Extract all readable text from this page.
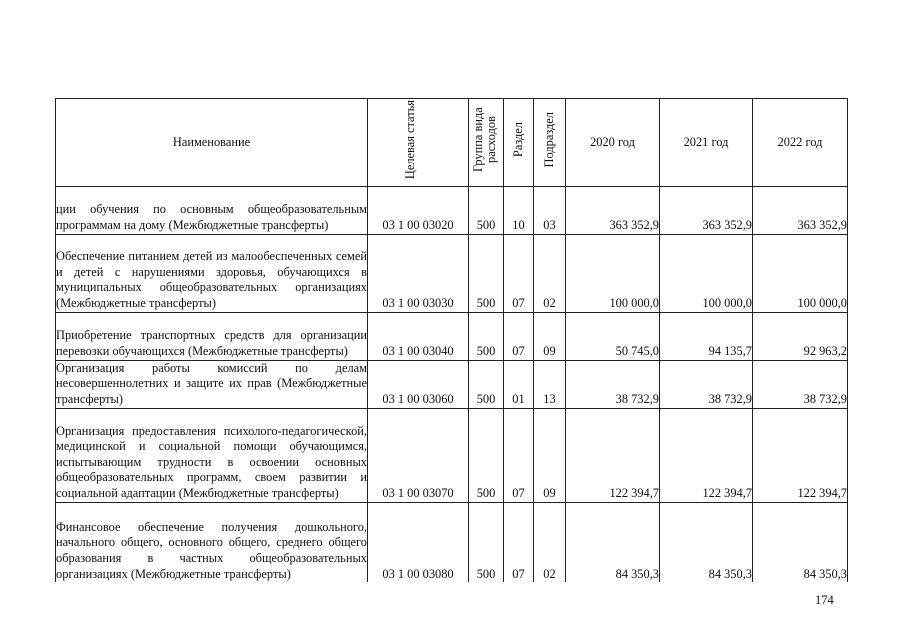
Наименование	Целевая статья	Группа вида расходов	Раздел	Подраздел	2020 год	2021 год	2022 год

ции обучения по основным общеобразовательным программам на дому (Межбюджетные трансферты)	03 1 00 03020	500	10	03	363 352,9	363 352,9	363 352,9

Обеспечение питанием детей из малообеспеченных семей и детей с нарушениями здоровья, обучающихся в муниципальных общеобразовательных организациях (Межбюджетные трансферты)	03 1 00 03030	500	07	02	100 000,0	100 000,0	100 000,0

Приобретение транспортных средств для организации перевозки обучающихся (Межбюджетные трансферты)	03 1 00 03040	500	07	09	50 745,0	94 135,7	92 963,2

Организация работы комиссий по делам несовершеннолетних и защите их прав (Межбюджетные трансферты)	03 1 00 03060	500	01	13	38 732,9	38 732,9	38 732,9

Организация предоставления психолого-педагогической, медицинской и социальной помощи обучающимся, испытывающим трудности в освоении основных общеобразовательных программ, своем развитии и социальной адаптации (Межбюджетные трансферты)	03 1 00 03070	500	07	09	122 394,7	122 394,7	122 394,7

Финансовое обеспечение получения дошкольного, начального общего, основного общего, среднего общего образования в частных общеобразовательных организациях (Межбюджетные трансферты)	03 1 00 03080	500	07	02	84 350,3	84 350,3	84 350,3
174
